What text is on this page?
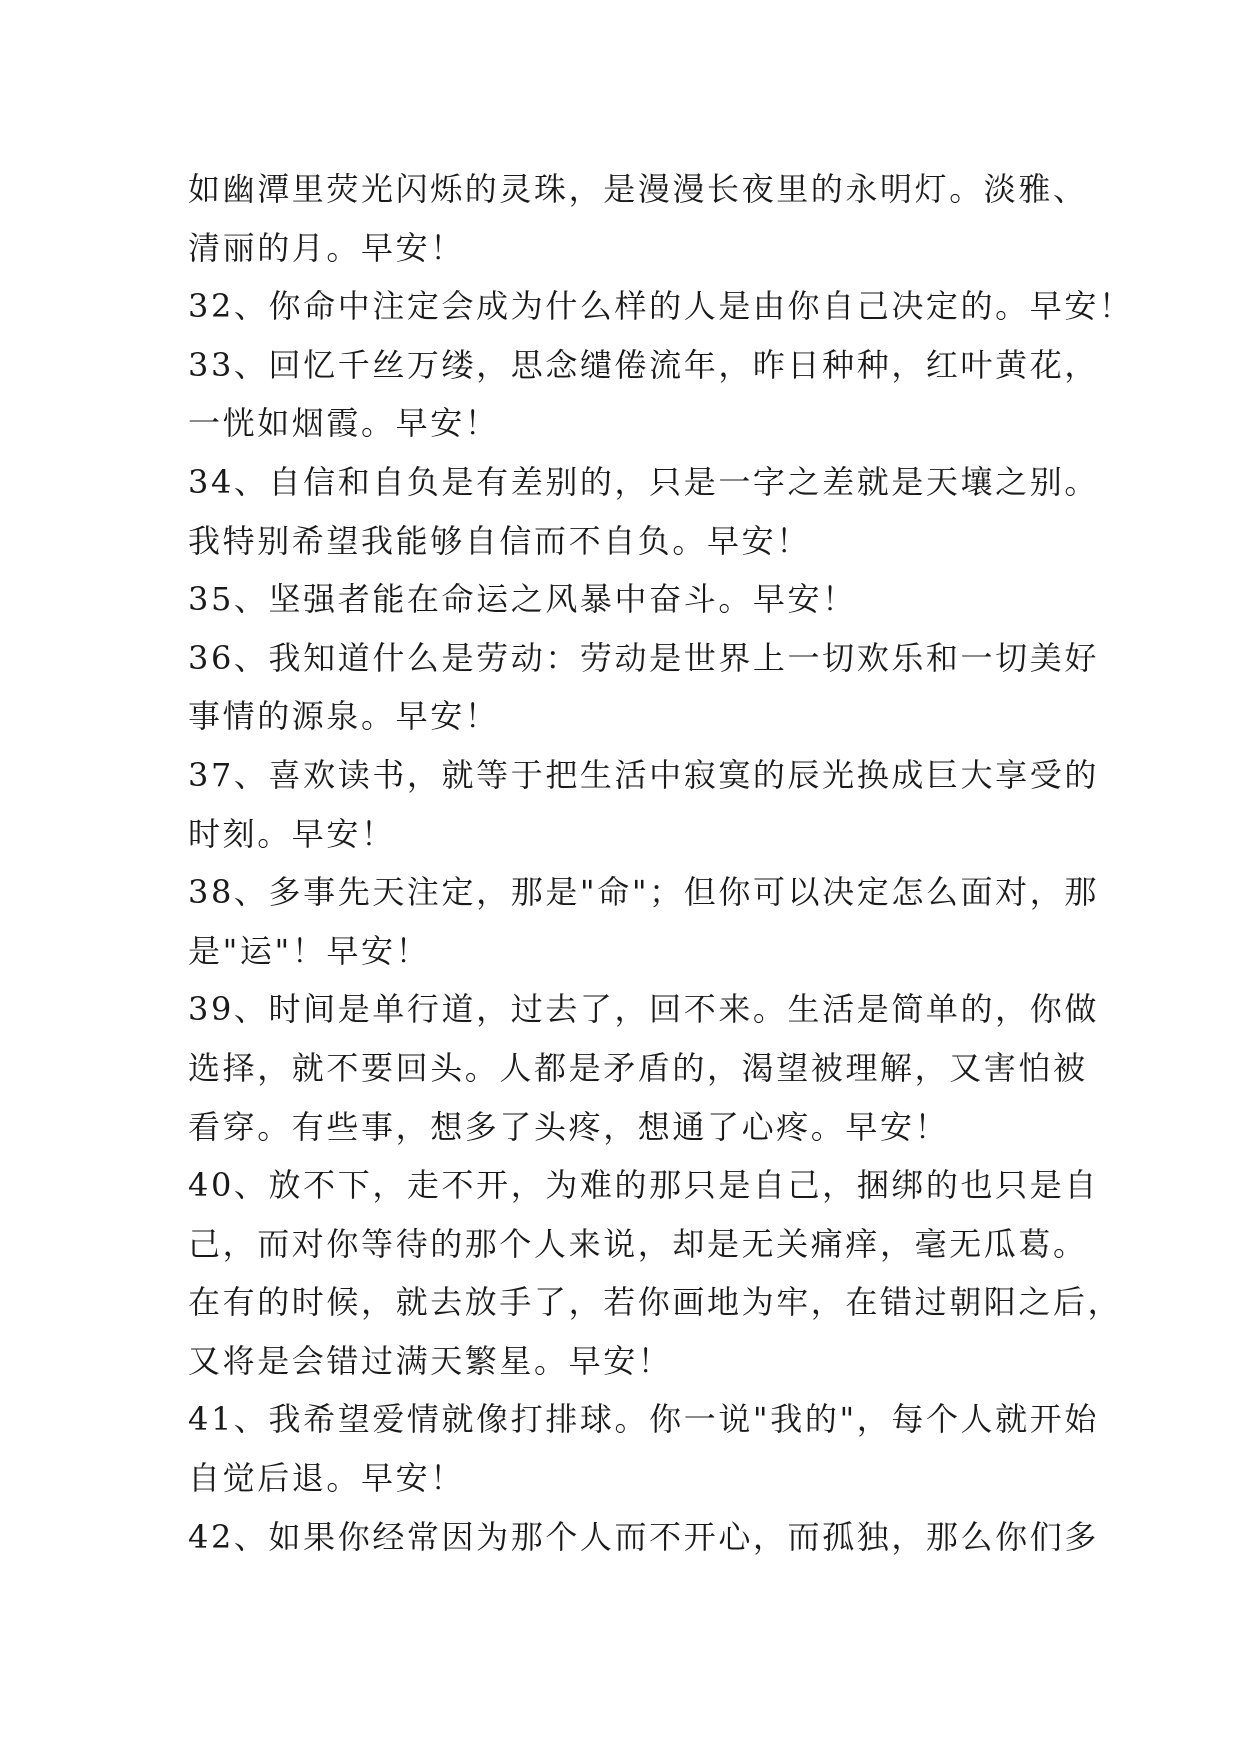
如幽潭里荧光闪烁的灵珠，是漫漫长夜里的永明灯。淡雅、
清丽的月。早安！
32、你命中注定会成为什么样的人是由你自己决定的。早安！
33、回忆千丝万缕，思念缱倦流年，昨日种种，红叶黄花，
一恍如烟霞。早安！
34、自信和自负是有差别的，只是一字之差就是天壤之别。
我特别希望我能够自信而不自负。早安！
35、坚强者能在命运之风暴中奋斗。早安！
36、我知道什么是劳动：劳动是世界上一切欢乐和一切美好
事情的源泉。早安！
37、喜欢读书，就等于把生活中寂寞的辰光换成巨大享受的
时刻。早安！
38、多事先天注定，那是"命"；但你可以决定怎么面对，那
是"运"！早安！
39、时间是单行道，过去了，回不来。生活是简单的，你做
选择，就不要回头。人都是矛盾的，渴望被理解，又害怕被
看穿。有些事，想多了头疼，想通了心疼。早安！
40、放不下，走不开，为难的那只是自己，捆绑的也只是自
己，而对你等待的那个人来说，却是无关痛痒，毫无瓜葛。
在有的时候，就去放手了，若你画地为牢，在错过朝阳之后，
又将是会错过满天繁星。早安！
41、我希望爱情就像打排球。你一说"我的"，每个人就开始
自觉后退。早安！
42、如果你经常因为那个人而不开心，而孤独，那么你们多
